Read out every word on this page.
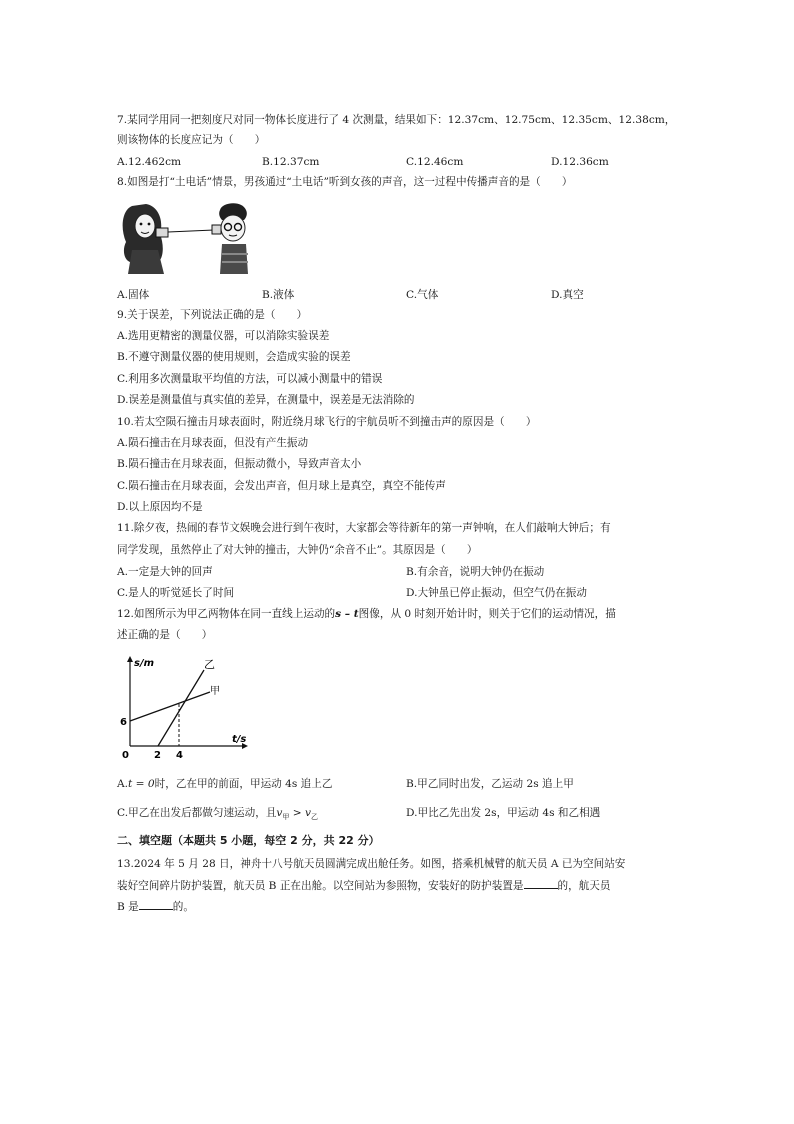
7.某同学用同一把刻度尺对同一物体长度进行了 4 次测量，结果如下：12.37cm、12.75cm、12.35cm、12.38cm，
则该物体的长度应记为（　　）
A.12.462cm	B.12.37cm	C.12.46cm	D.12.36cm
8.如图是打“土电话”情景，男孩通过“土电话”听到女孩的声音，这一过程中传播声音的是（　　）
A.固体	B.液体	C.气体	D.真空
9.关于误差，下列说法正确的是（　　）
A.选用更精密的测量仪器，可以消除实验误差
B.不遵守测量仪器的使用规则，会造成实验的误差
C.利用多次测量取平均值的方法，可以减小测量中的错误
D.误差是测量值与真实值的差异，在测量中，误差是无法消除的
10.若太空陨石撞击月球表面时，附近绕月球飞行的宇航员听不到撞击声的原因是（　　）
A.陨石撞击在月球表面，但没有产生振动
B.陨石撞击在月球表面，但振动微小，导致声音太小
C.陨石撞击在月球表面，会发出声音，但月球上是真空，真空不能传声
D.以上原因均不是
11.除夕夜，热闹的春节文娱晚会进行到午夜时，大家都会等待新年的第一声钟响，在人们敲响大钟后；有
同学发现，虽然停止了对大钟的撞击，大钟仍“余音不止”。其原因是（　　）
A.一定是大钟的回声	B.有余音，说明大钟仍在振动
C.是人的听觉延长了时间	D.大钟虽已停止振动，但空气仍在振动
12.如图所示为甲乙两物体在同一直线上运动的s – t图像，从 0 时刻开始计时，则关于它们的运动情况，描
述正确的是（　　）
s/m
t/s
6
0	2 4
乙
甲
A.t = 0时，乙在甲的前面，甲运动 4s 追上乙	B.甲乙同时出发，乙运动 2s 追上甲
C.甲乙在出发后都做匀速运动，且$v_甲 > v_乙$	D.甲比乙先出发 2s，甲运动 4s 和乙相遇
二、填空题（本题共 5 小题，每空 2 分，共 22 分）
13.2024 年 5 月 28 日，神舟十八号航天员圆满完成出舱任务。如图，搭乘机械臂的航天员 A 已为空间站安
装好空间碎片防护装置，航天员 B 正在出舱。以空间站为参照物，安装好的防护装置是	的，航天员
B 是	的。
